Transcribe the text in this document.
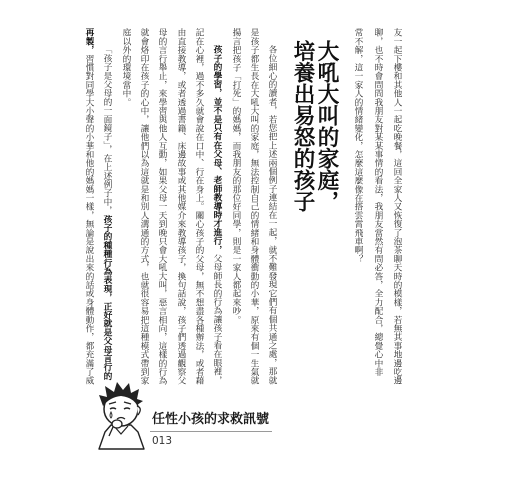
友一起下樓和其他人一起吃晚餐，這回全家人又恢復了泡茶聊天時的模樣，若無其事地邊吃邊
聊，也不時會問問我朋友對某某事情的看法，我朋友當然有問必答，全力配合，總覺心中非
常不解，這一家人的情緒變化，怎麼這麼像在搭雲霄飛車啊？
大吼大叫的家庭，
培養出易怒的孩子
各位細心的讀者，若您把上述兩個例子連結在一起，就不難發現它們有個共通之處，那就
是孩子都生長在大吼大叫的家庭，無法控制自己的情緒和身體衝動的小華，原來有個一生氣就
揚言把孩子「打死」的媽媽，而我朋友的那位好同學，則是一家人都起來吵。
孩子的學習，並不是只有在父母、老師教導時才進行，父母師長的行為讓孩子看在眼裡，
記在心裡，過不多久就會說在口中、行在身上。關心孩子的父母，無不想盡各種辦法，或者藉
由直接教導，或者透過書籍、床邊故事或其他媒介來教導孩子，換句話說，孩子們透過觀察父
母的言行舉止，來學習與他人互動，如果父母一天到晚只會大吼大叫，惡言相向，這樣的行為
就會烙印在孩子的心中，讓他們以為這就是和別人溝通的方式，也就很容易把這種模式帶到家
庭以外的環境當中。
「孩子是父母的一面鏡子」，在上述例子中，孩子的種種行為表現，正好就是父母言行的
再製，習慣對同學大小聲的小華和他的媽媽一樣，無論是說出來的話或身體動作，都充滿了威
任性小孩的求救訊號
013
